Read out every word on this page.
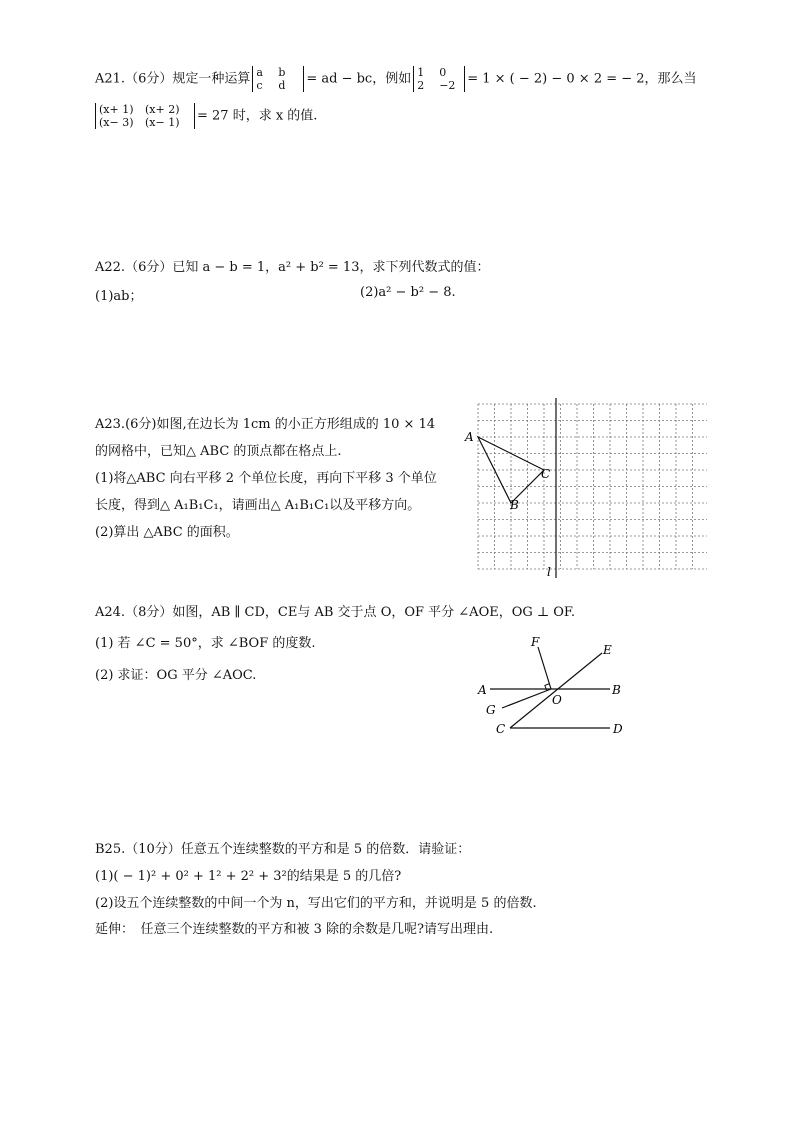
A21.（6分）规定一种运算 a b
c d = ad − bc，例如 1 0
2 −2 = 1 × ( − 2) − 0 × 2 = − 2，那么当
(x+ 1) (x+ 2)
(x− 3) (x− 1) = 27 时，求 x 的值.
A22.（6分）已知 a − b = 1，a² + b² = 13，求下列代数式的值：
(1)ab；	(2)a² − b² − 8.
A23.(6分)如图,在边长为 1cm 的小正方形组成的 10 × 14
的网格中，已知△ ABC 的顶点都在格点上.
(1)将△ABC 向右平移 2 个单位长度，再向下平移 3 个单位
长度，得到△ A₁B₁C₁，请画出△ A₁B₁C₁以及平移方向。
(2)算出 △ABC 的面积。
A
B
C
l
A24.（8分）如图，AB ∥ CD，CE与 AB 交于点 O，OF 平分 ∠AOE，OG ⊥ OF.
(1) 若 ∠C = 50°，求 ∠BOF 的度数.
(2) 求证：OG 平分 ∠AOC.
F
E
A	B
O
G
C	D
B25.（10分）任意五个连续整数的平方和是 5 的倍数．请验证：
(1)( − 1)² + 0² + 1² + 2² + 3²的结果是 5 的几倍?
(2)设五个连续整数的中间一个为 n，写出它们的平方和，并说明是 5 的倍数.
延伸：　任意三个连续整数的平方和被 3 除的余数是几呢?请写出理由.
